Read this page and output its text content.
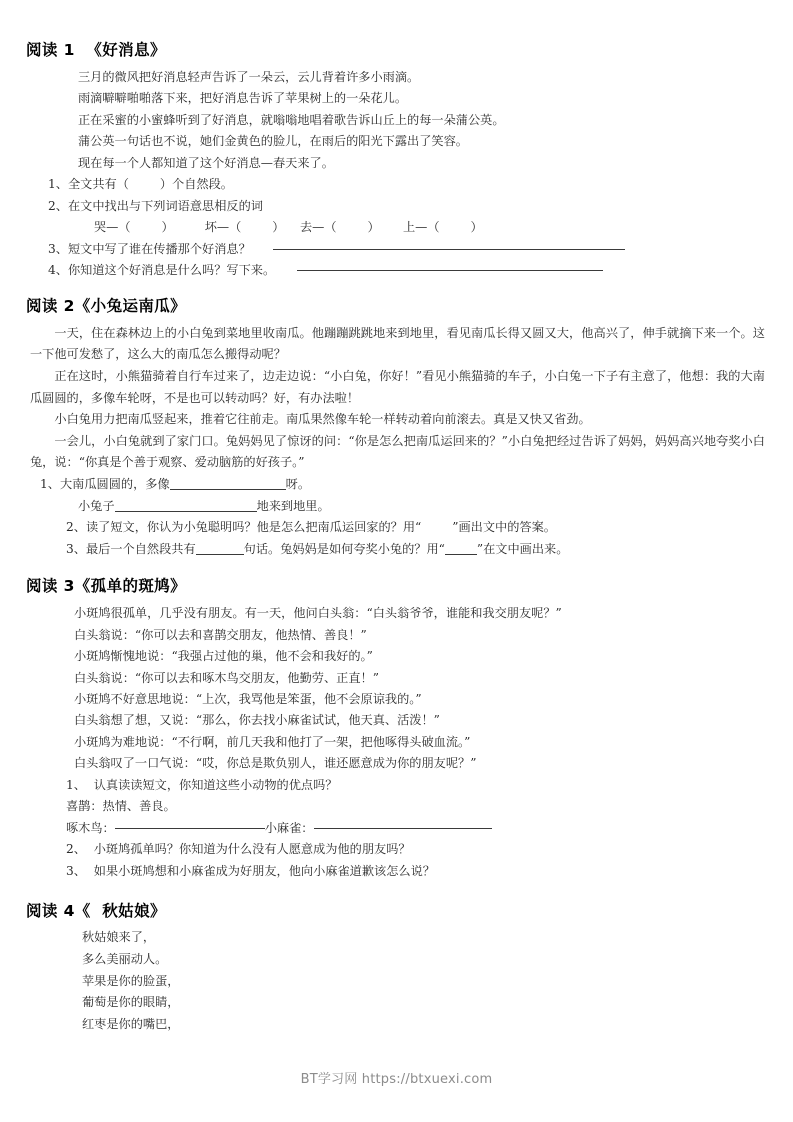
阅读 1  《好消息》

三月的微风把好消息轻声告诉了一朵云，云儿背着许多小雨滴。

雨滴噼噼啪啪落下来，把好消息告诉了苹果树上的一朵花儿。

正在采蜜的小蜜蜂听到了好消息，就嗡嗡地唱着歌告诉山丘上的每一朵蒲公英。

蒲公英一句话也不说，她们金黄色的脸儿，在雨后的阳光下露出了笑容。

现在每一个人都知道了这个好消息—春天来了。

1、全文共有（        ）个自然段。

2、在文中找出与下列词语意思相反的词

哭—（        ）        坏—（        ）    去—（        ）      上—（        ）

3、短文中写了谁在传播那个好消息？

4、你知道这个好消息是什么吗？写下来。

阅读 2《小兔运南瓜》

一天，住在森林边上的小白兔到菜地里收南瓜。他蹦蹦跳跳地来到地里，看见南瓜长得又圆又大，他高兴了，伸手就摘下来一个。这一下他可发愁了，这么大的南瓜怎么搬得动呢？

正在这时，小熊猫骑着自行车过来了，边走边说：“小白兔，你好！”看见小熊猫骑的车子，小白兔一下子有主意了，他想：我的大南瓜圆圆的，多像车轮呀，不是也可以转动吗？好，有办法啦！

小白兔用力把南瓜竖起来，推着它往前走。南瓜果然像车轮一样转动着向前滚去。真是又快又省劲。

一会儿，小白兔就到了家门口。兔妈妈见了惊讶的问：“你是怎么把南瓜运回来的？”小白兔把经过告诉了妈妈，妈妈高兴地夸奖小白兔，说：“你真是个善于观察、爱动脑筋的好孩子。”

1、大南瓜圆圆的，多像	呀。

小兔子	地来到地里。

2、读了短文，你认为小兔聪明吗？他是怎么把南瓜运回家的？用“        ”画出文中的答案。

3、最后一个自然段共有	句话。兔妈妈是如何夸奖小兔的？用“	”在文中画出来。

阅读 3《孤单的斑鸠》

小斑鸠很孤单，几乎没有朋友。有一天，他问白头翁：“白头翁爷爷，谁能和我交朋友呢？”

白头翁说：“你可以去和喜鹊交朋友，他热情、善良！”

小斑鸠惭愧地说：“我强占过他的巢，他不会和我好的。”

白头翁说：“你可以去和啄木鸟交朋友，他勤劳、正直！”

小斑鸠不好意思地说：“上次，我骂他是笨蛋，他不会原谅我的。”

白头翁想了想，又说：“那么，你去找小麻雀试试，他天真、活泼！”

小斑鸠为难地说：“不行啊，前几天我和他打了一架，把他啄得头破血流。”

白头翁叹了一口气说：“哎，你总是欺负别人，谁还愿意成为你的朋友呢？”

1、  认真读读短文，你知道这些小动物的优点吗？

喜鹊：热情、善良。

啄木鸟：	小麻雀：

2、  小斑鸠孤单吗？你知道为什么没有人愿意成为他的朋友吗？

3、  如果小斑鸠想和小麻雀成为好朋友，他向小麻雀道歉该怎么说？

阅读 4《  秋姑娘》

秋姑娘来了，

多么美丽动人。

苹果是你的脸蛋，

葡萄是你的眼睛，

红枣是你的嘴巴，

BT学习网 https://btxuexi.com
